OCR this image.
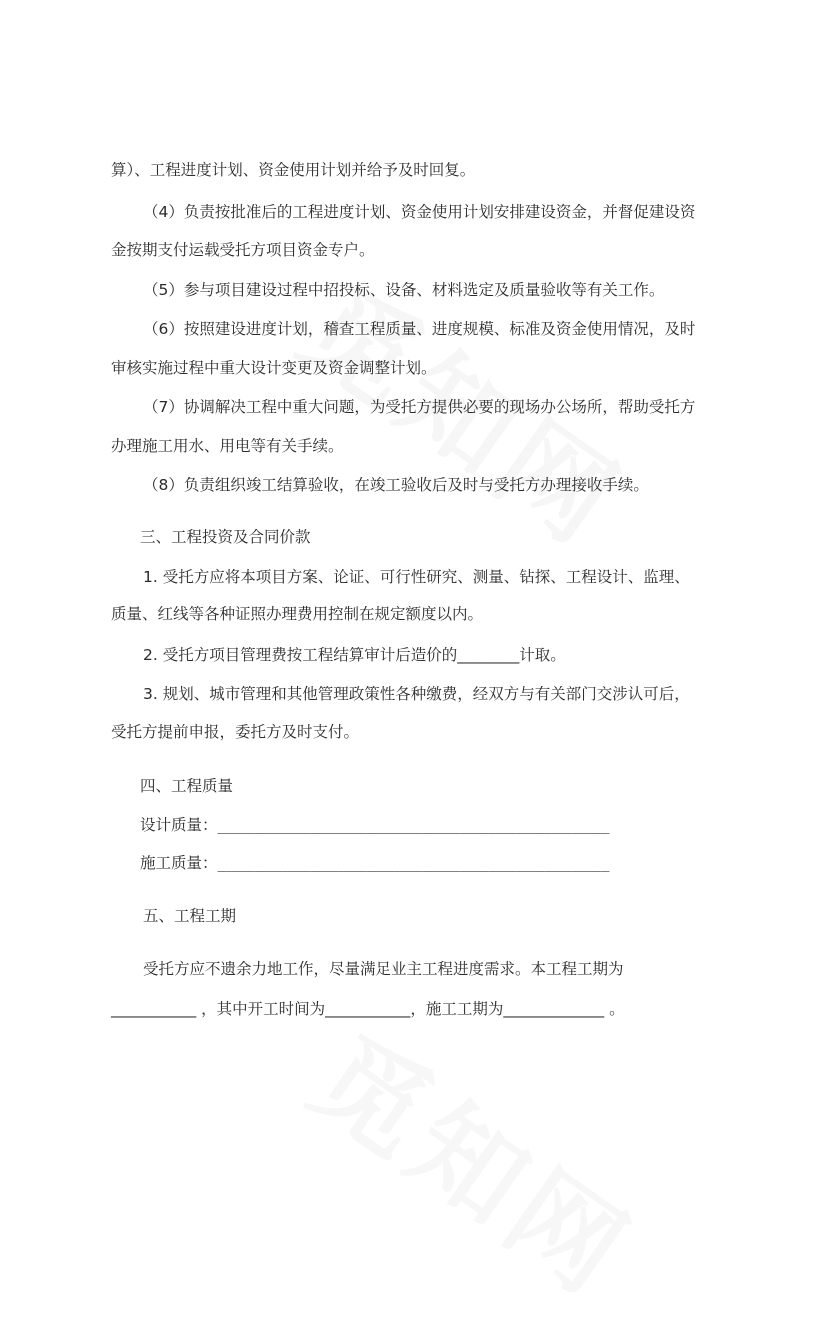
算）、工程进度计划、资金使用计划并给予及时回复。
（4）负责按批准后的工程进度计划、资金使用计划安排建设资金，并督促建设资
金按期支付运载受托方项目资金专户。
（5）参与项目建设过程中招投标、设备、材料选定及质量验收等有关工作。
（6）按照建设进度计划，稽查工程质量、进度规模、标准及资金使用情况，及时
审核实施过程中重大设计变更及资金调整计划。
（7）协调解决工程中重大问题，为受托方提供必要的现场办公场所，帮助受托方
办理施工用水、用电等有关手续。
（8）负责组织竣工结算验收，在竣工验收后及时与受托方办理接收手续。
三、工程投资及合同价款
1. 受托方应将本项目方案、论证、可行性研究、测量、钻探、工程设计、监理、
质量、红线等各种证照办理费用控制在规定额度以内。
2. 受托方项目管理费按工程结算审计后造价的________计取。
3. 规划、城市管理和其他管理政策性各种缴费，经双方与有关部门交涉认可后，
受托方提前申报，委托方及时支付。
四、工程质量
设计质量：__________________________________________
施工质量：__________________________________________
五、工程工期
受托方应不遗余力地工作，尽量满足业主工程进度需求。本工程工期为
___________ ，其中开工时间为___________，施工工期为_____________ 。
